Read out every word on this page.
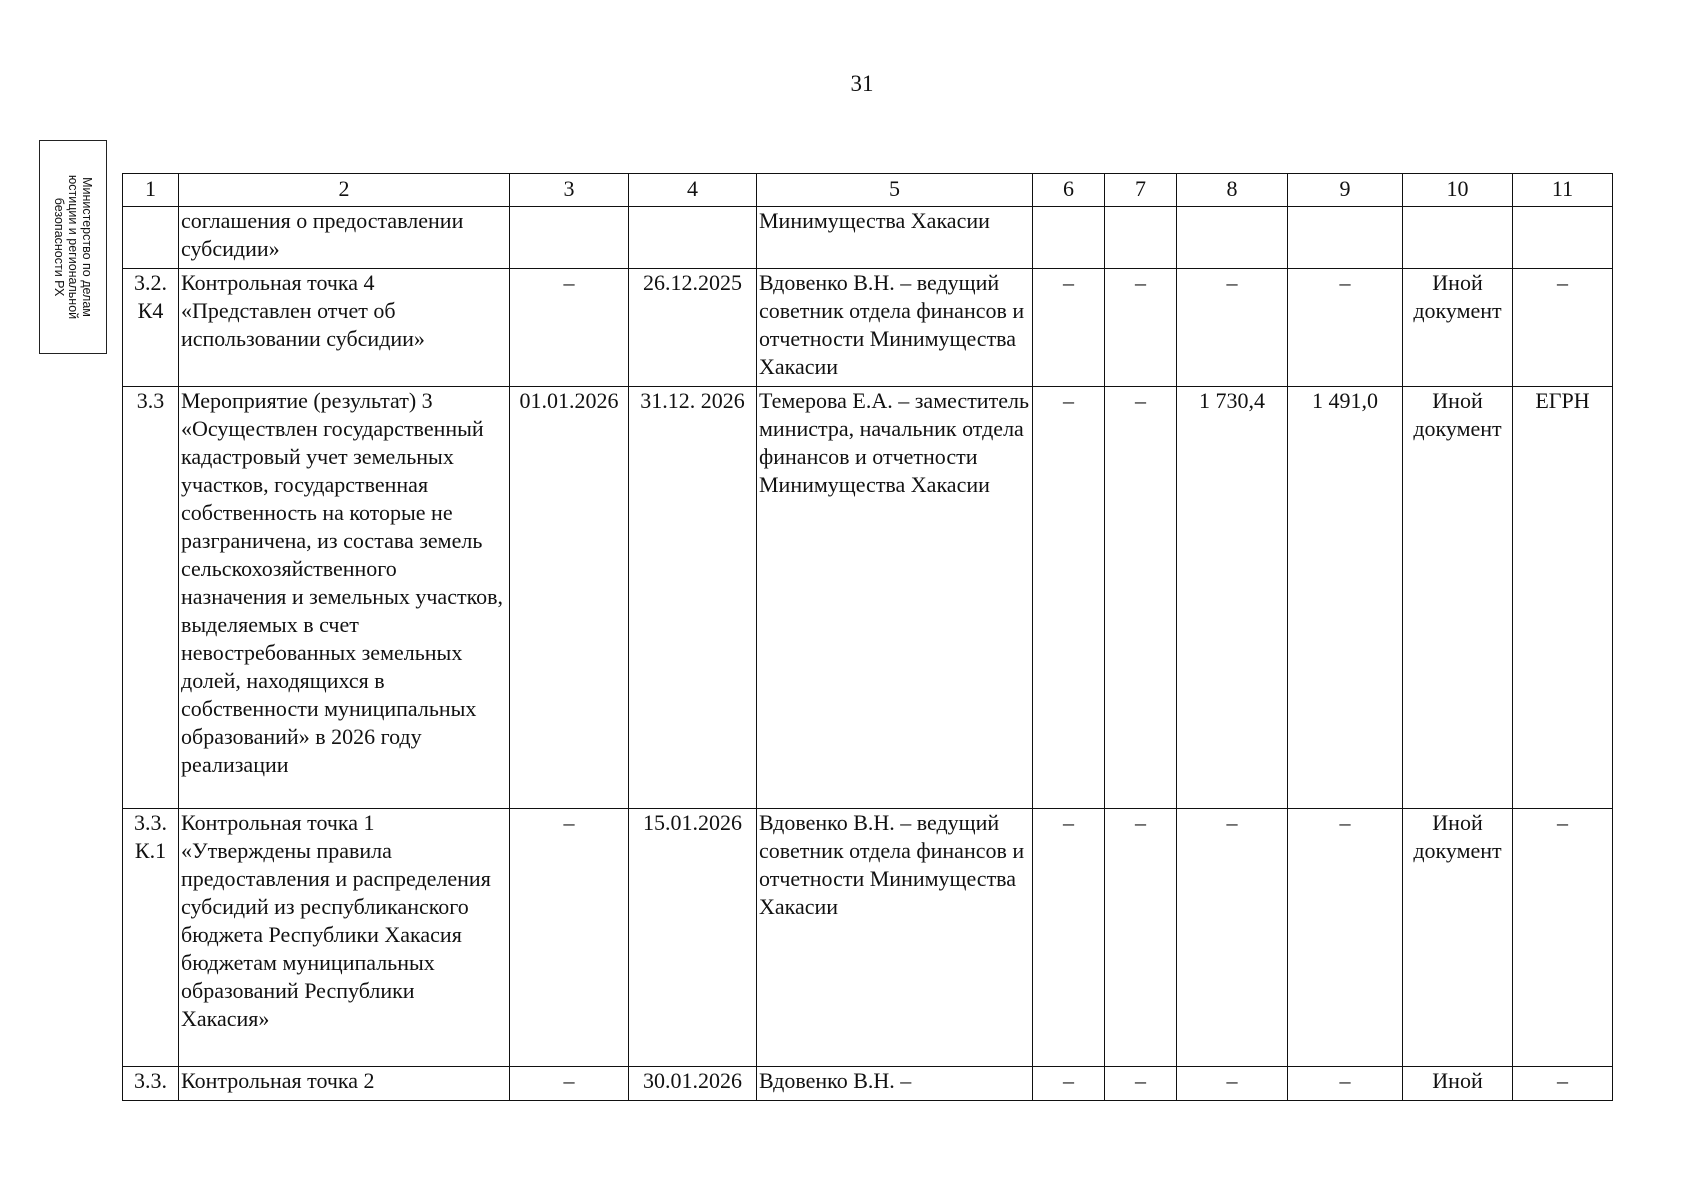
31
Министерство по делам
юстиции и региональной
безопасности РХ
1	2	3	4	5	6	7	8	9	10	11
	соглашения о предоставлении субсидии»			Минимущества Хакасии						
3.2. К4	Контрольная точка 4 «Представлен отчет об использовании субсидии»	–	26.12.2025	Вдовенко В.Н. – ведущий советник отдела финансов и отчетности Минимущества Хакасии	–	–	–	–	Иной документ	–
3.3	Мероприятие (результат) 3 «Осуществлен государственный кадастровый учет земельных участков, государственная собственность на которые не разграничена, из состава земель сельскохозяйственного назначения и земельных участков, выделяемых в счет невостребованных земельных долей, находящихся в собственности муниципальных образований» в 2026 году реализации	01.01.2026	31.12. 2026	Темерова Е.А. – заместитель министра, начальник отдела финансов и отчетности Минимущества Хакасии	–	–	1 730,4	1 491,0	Иной документ	ЕГРН
3.3. К.1	Контрольная точка 1 «Утверждены правила предоставления и распределения субсидий из республиканского бюджета Республики Хакасия бюджетам муниципальных образований Республики Хакасия»	–	15.01.2026	Вдовенко В.Н. – ведущий советник отдела финансов и отчетности Минимущества Хакасии	–	–	–	–	Иной документ	–
3.3.	Контрольная точка 2	–	30.01.2026	Вдовенко В.Н. –	–	–	–	–	Иной	–
